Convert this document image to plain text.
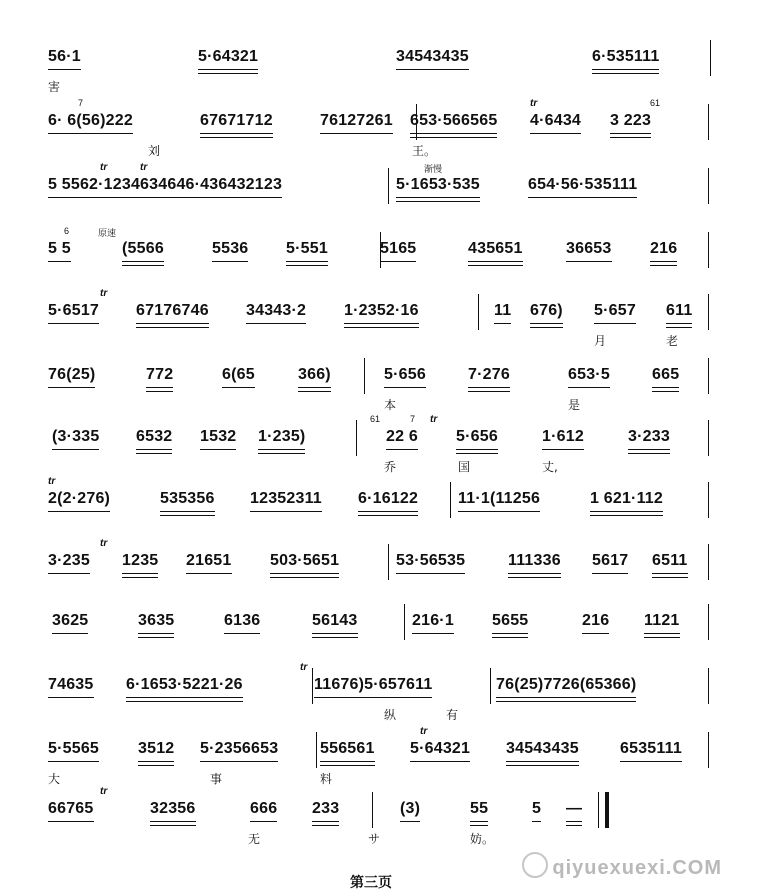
56·1	5·64321	34543435	6·535111
害
6· 6(56)222	67671712	76127261 653·566565 4·6434 3 223
刘	王。
tr
7	61
5 5562·1234634646·436432123	5·1653·535	654·56·535111
tr	tr	渐慢
5 5	(5566	5536 5·551	5165	435651	36653 216
原速
6
5·6517 67176746 34343·2 1·2352·16	11 676) 5·657 611
月	老
tr
76(25)	772	6(65	366)	5·656	7·276	653·5	665
本	是
(3·335 6532 1532 1·235)	22 6 5·656	1·612	3·233
乔	国	丈,
tr
61	7
2(2·276)	535356 12352311 6·16122 11·1(11256	1 621·112
tr
3·235 1235 21651 503·5651	53·56535	111336 5617 6511
tr
3625	3635	6136	56143	216·1 5655	216 1121
74635 6·1653·5221·26	11676)5·657611	76(25)7726(65366)
纵	有
tr
5·5565 3512 5·2356653	556561 5·64321 34543435	6535111
大	事	料
tr
66765	32356	666 233	(3)	55	5 —
无	妨。
サ
tr
第三页
qiyuexuexi.COM
